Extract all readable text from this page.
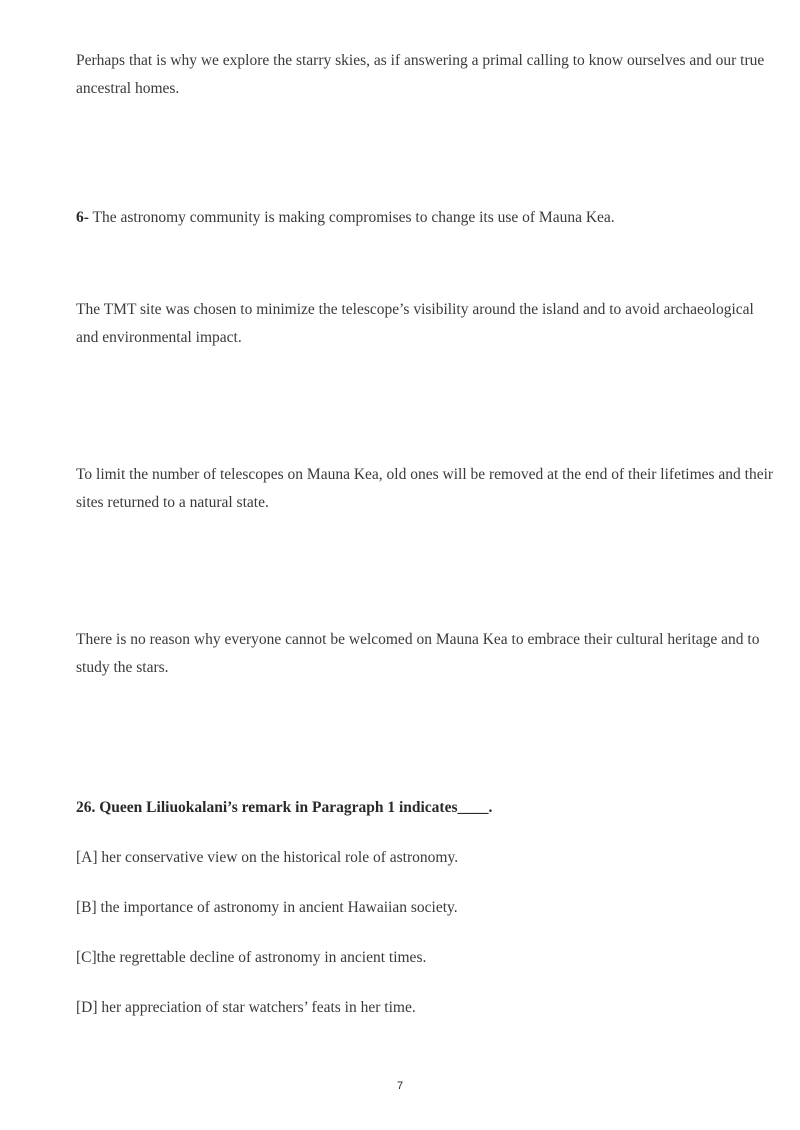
Perhaps that is why we explore the starry skies, as if answering a primal calling to know ourselves and our true ancestral homes.

6- The astronomy community is making compromises to change its use of Mauna Kea.

The TMT site was chosen to minimize the telescope’s visibility around the island and to avoid archaeological and environmental impact.

To limit the number of telescopes on Mauna Kea, old ones will be removed at the end of their lifetimes and their sites returned to a natural state.

There is no reason why everyone cannot be welcomed on Mauna Kea to embrace their cultural heritage and to study the stars.

26. Queen Liliuokalani’s remark in Paragraph 1 indicates____.

[A] her conservative view on the historical role of astronomy.

[B] the importance of astronomy in ancient Hawaiian society.

[C]the regrettable decline of astronomy in ancient times.

[D] her appreciation of star watchers’ feats in her time.

7
